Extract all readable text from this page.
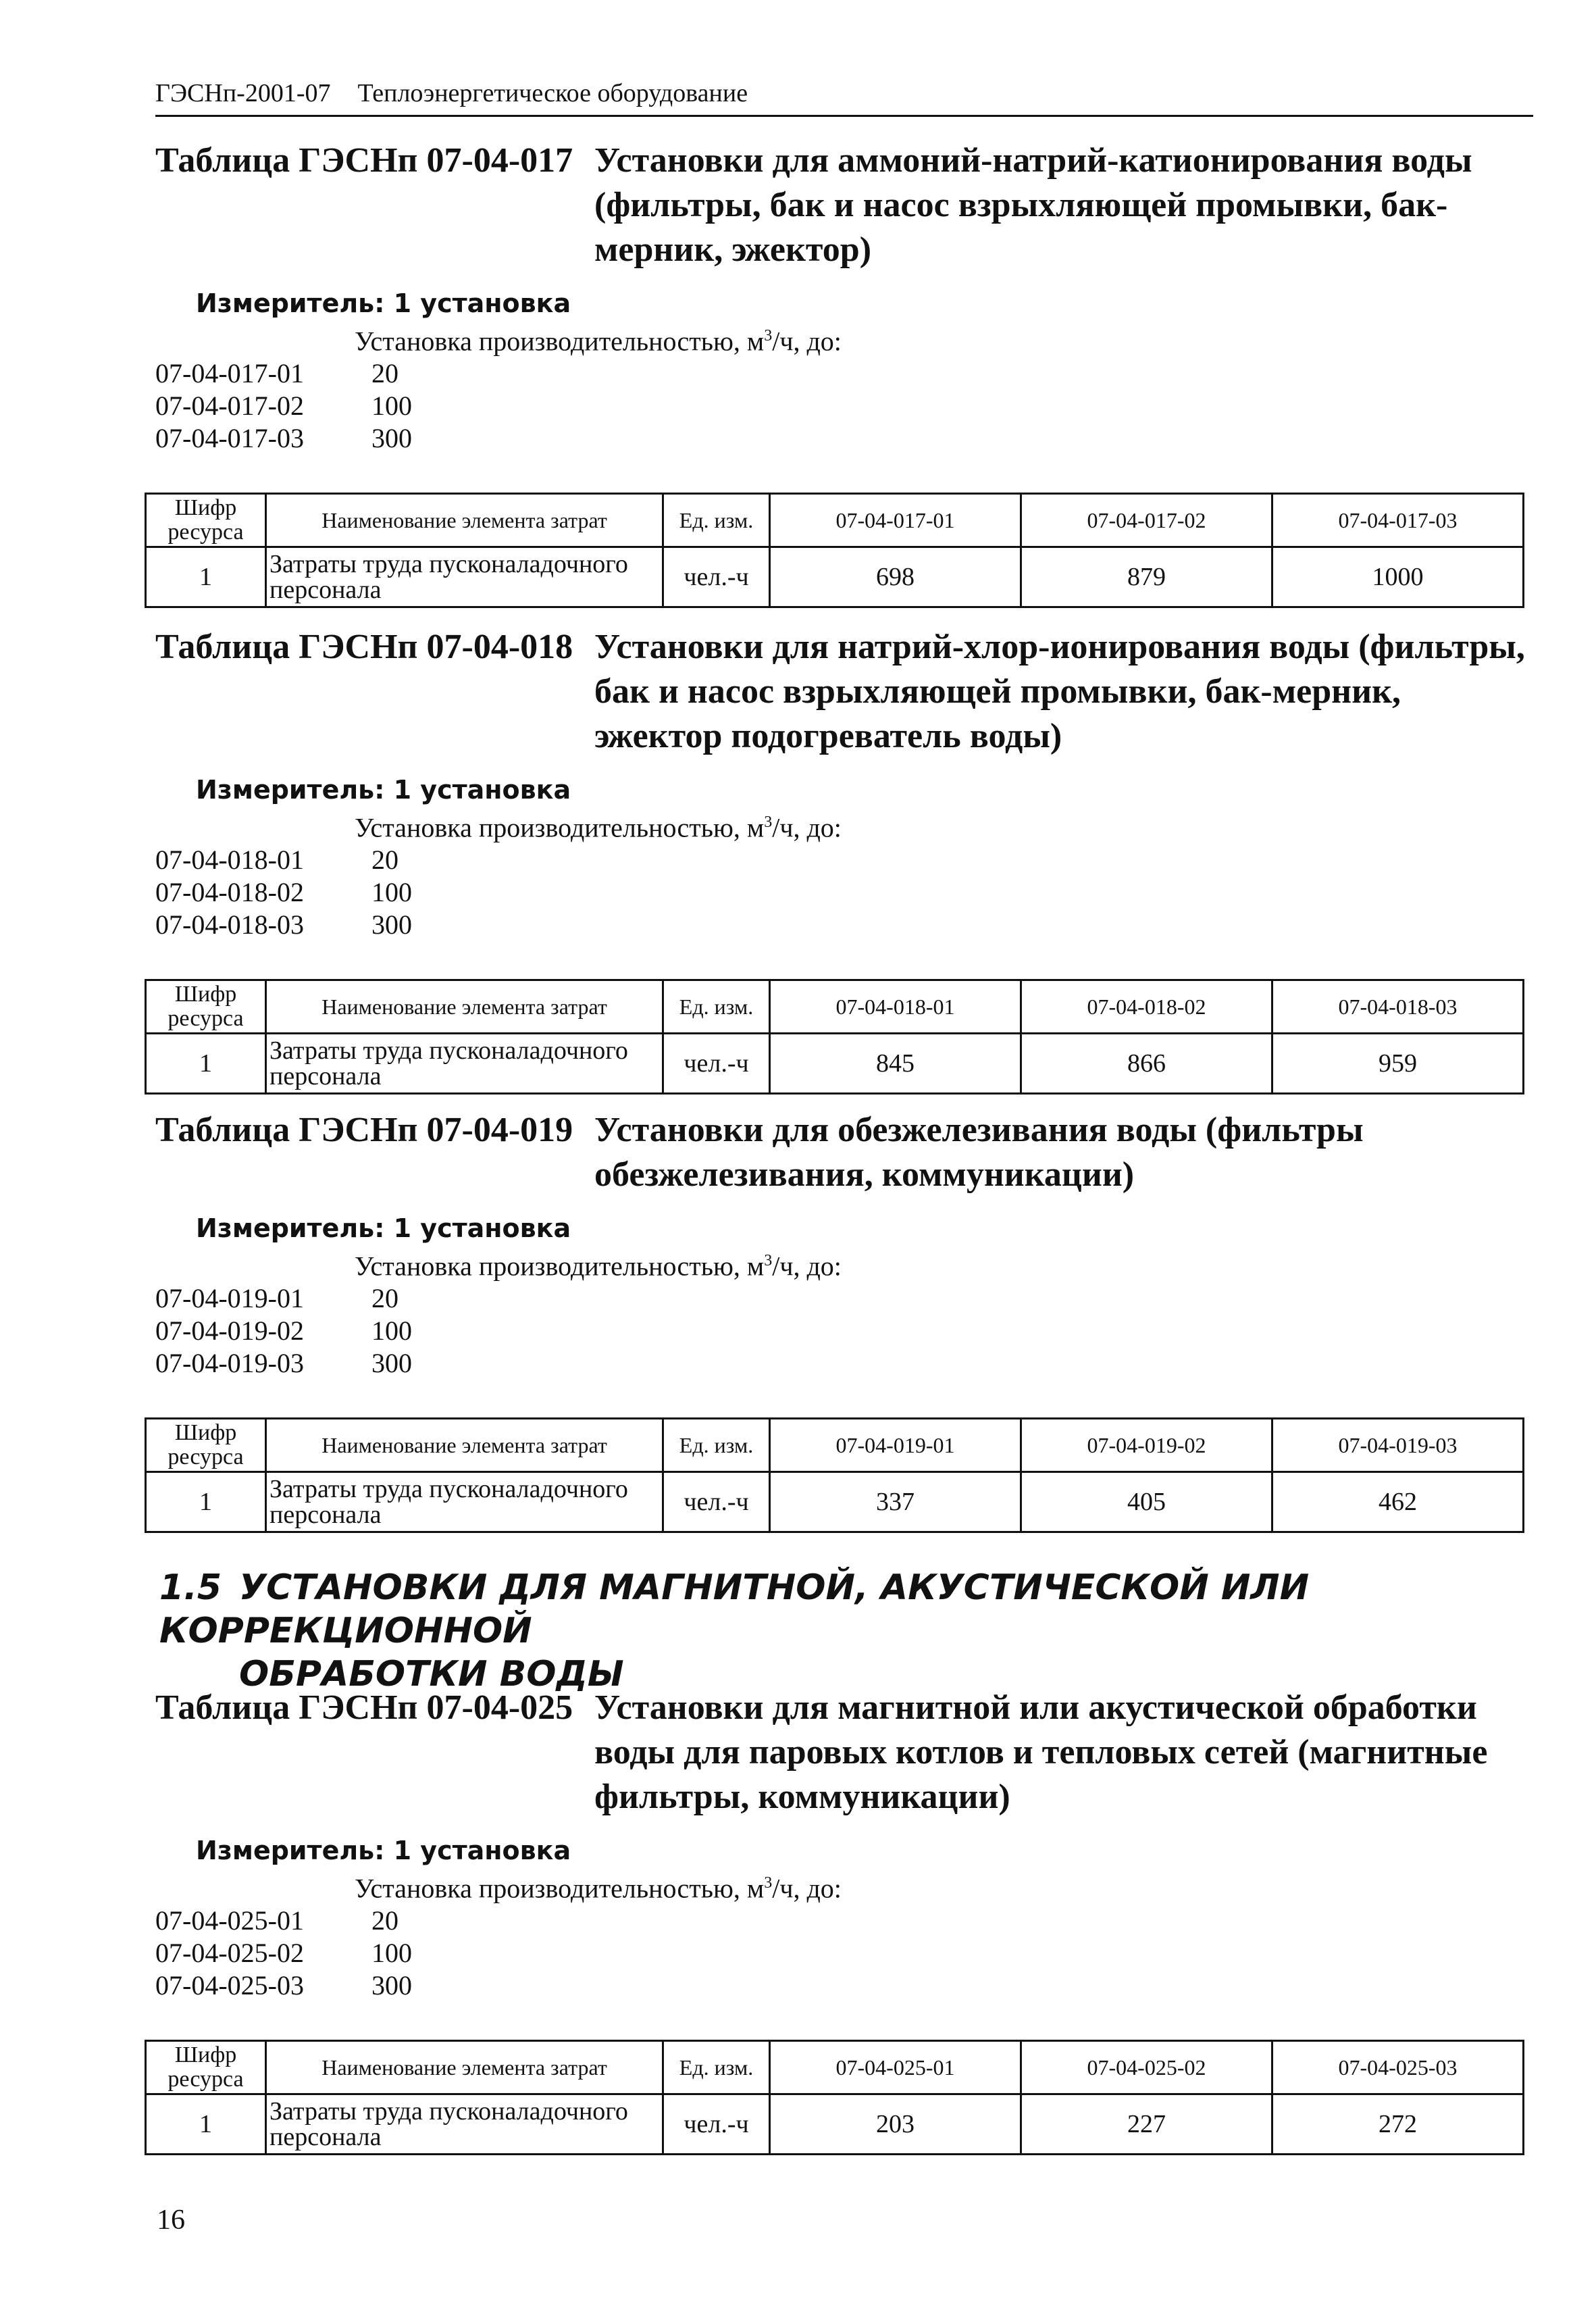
ГЭСНп-2001-07 Теплоэнергетическое оборудование
Таблица ГЭСНп 07-04-017 Установки для аммоний-натрий-катионирования воды (фильтры, бак и насос взрыхляющей промывки, бак-мерник, эжектор)
Измеритель: 1 установка
Установка производительностью, $м^3/ч$, до:
07-04-017-01	20
07-04-017-02	100
07-04-017-03	300
Шифр ресурса	Наименование элемента затрат	Ед. изм.	07-04-017-01	07-04-017-02	07-04-017-03
1	Затраты труда пусконаладочного персонала	чел.-ч	698	879	1000
Таблица ГЭСНп 07-04-018 Установки для натрий-хлор-ионирования воды (фильтры, бак и насос взрыхляющей промывки, бак-мерник, эжектор подогреватель воды)
Измеритель: 1 установка
Установка производительностью, $м^3/ч$, до:
07-04-018-01	20
07-04-018-02	100
07-04-018-03	300
Шифр ресурса	Наименование элемента затрат	Ед. изм.	07-04-018-01	07-04-018-02	07-04-018-03
1	Затраты труда пусконаладочного персонала	чел.-ч	845	866	959
Таблица ГЭСНп 07-04-019 Установки для обезжелезивания воды (фильтры обезжелезивания, коммуникации)
Измеритель: 1 установка
Установка производительностью, $м^3/ч$, до:
07-04-019-01	20
07-04-019-02	100
07-04-019-03	300
Шифр ресурса	Наименование элемента затрат	Ед. изм.	07-04-019-01	07-04-019-02	07-04-019-03
1	Затраты труда пусконаладочного персонала	чел.-ч	337	405	462
1.5 УСТАНОВКИ ДЛЯ МАГНИТНОЙ, АКУСТИЧЕСКОЙ ИЛИ КОРРЕКЦИОННОЙ
ОБРАБОТКИ ВОДЫ
Таблица ГЭСНп 07-04-025 Установки для магнитной или акустической обработки воды для паровых котлов и тепловых сетей (магнитные фильтры, коммуникации)
Измеритель: 1 установка
Установка производительностью, $м^3/ч$, до:
07-04-025-01	20
07-04-025-02	100
07-04-025-03	300
Шифр ресурса	Наименование элемента затрат	Ед. изм.	07-04-025-01	07-04-025-02	07-04-025-03
1	Затраты труда пусконаладочного персонала	чел.-ч	203	227	272
16
